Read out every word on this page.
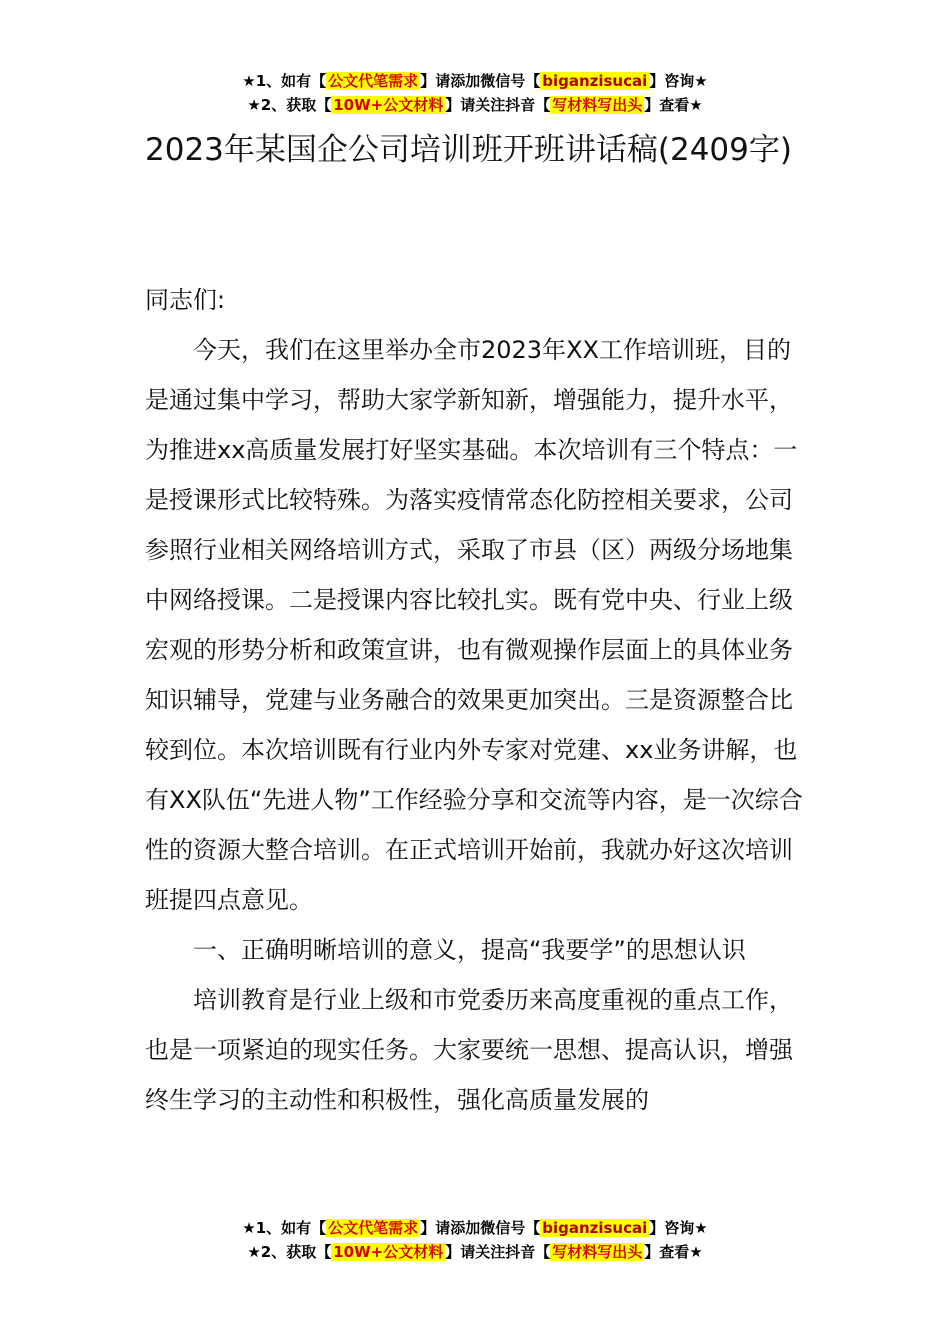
★1、如有【 公文代笔需求 】请添加微信号【 biganzisucai 】咨询★
★2、获取【 10W+公文材料 】请关注抖音【 写材料写出头 】查看★
2023年某国企公司培训班开班讲话稿(2409字)

同志们:

今天，我们在这里举办全市2023年XX工作培训班，目的是通过集中学习，帮助大家学新知新，增强能力，提升水平，为推进xx高质量发展打好坚实基础。本次培训有三个特点：一是授课形式比较特殊。为落实疫情常态化防控相关要求，公司参照行业相关网络培训方式，采取了市县（区）两级分场地集中网络授课。二是授课内容比较扎实。既有党中央、行业上级宏观的形势分析和政策宣讲，也有微观操作层面上的具体业务知识辅导，党建与业务融合的效果更加突出。三是资源整合比较到位。本次培训既有行业内外专家对党建、xx业务讲解，也有XX队伍“先进人物”工作经验分享和交流等内容，是一次综合性的资源大整合培训。在正式培训开始前，我就办好这次培训班提四点意见。

一、正确明晰培训的意义，提高“我要学”的思想认识

培训教育是行业上级和市党委历来高度重视的重点工作，也是一项紧迫的现实任务。大家要统一思想、提高认识，增强终生学习的主动性和积极性，强化高质量发展的

★1、如有【 公文代笔需求 】请添加微信号【 biganzisucai 】咨询★
★2、获取【 10W+公文材料 】请关注抖音【 写材料写出头 】查看★
